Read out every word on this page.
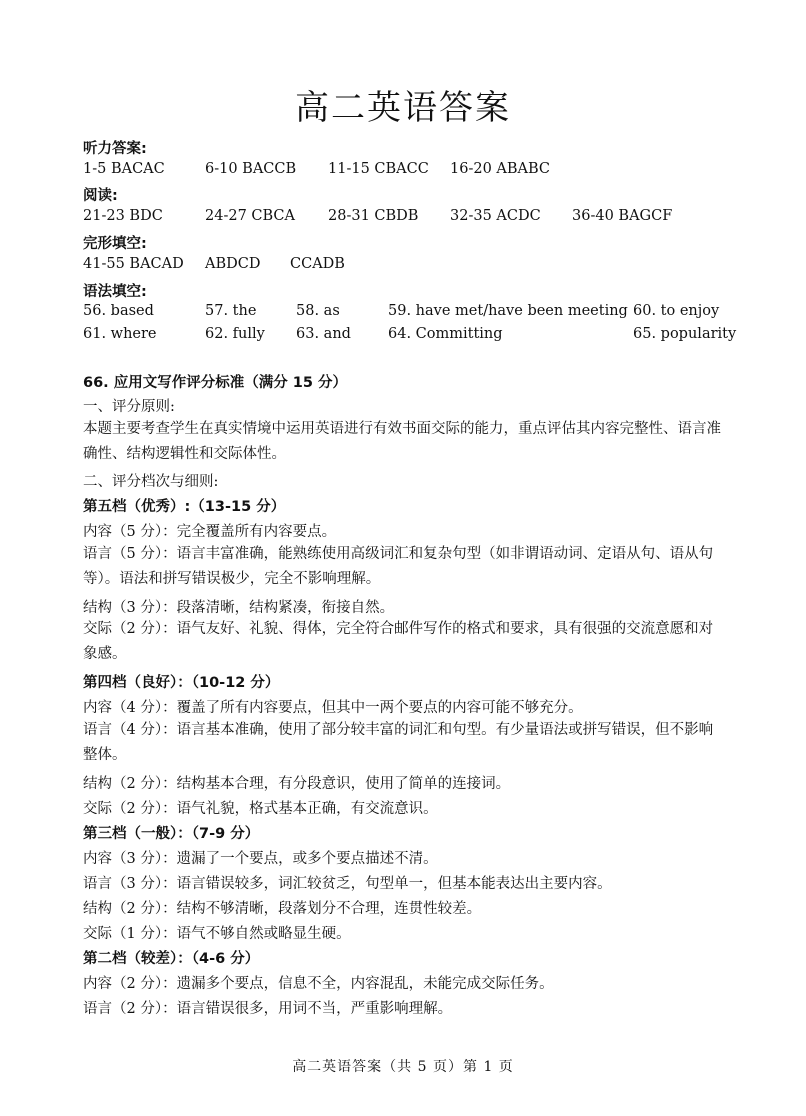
高二英语答案
听力答案:
1-5 BACAC	6-10 BACCB 11-15 CBACC 16-20 ABABC
阅读:
21-23 BDC	24-27 CBCA 28-31 CBDB 32-35 ACDC 36-40 BAGCF
完形填空:
41-55 BACAD ABDCD CCADB
语法填空:
56. based	57. the	58. as	59. have met/have been meeting 60. to enjoy
61. where	62. fully 63. and	64. Committing	65. popularity
66. 应用文写作评分标准（满分 15 分）
一、评分原则:
本题主要考查学生在真实情境中运用英语进行有效书面交际的能力，重点评估其内容完整性、语言准确性、结构逻辑性和交际体性。
二、评分档次与细则:
第五档（优秀）:（13-15 分）
内容（5 分）：完全覆盖所有内容要点。
语言（5 分）：语言丰富准确，能熟练使用高级词汇和复杂句型（如非谓语动词、定语从句、语从句等）。语法和拼写错误极少，完全不影响理解。
结构（3 分）：段落清晰，结构紧凑，衔接自然。
交际（2 分）：语气友好、礼貌、得体，完全符合邮件写作的格式和要求，具有很强的交流意愿和对象感。
第四档（良好）：（10-12 分）
内容（4 分）：覆盖了所有内容要点，但其中一两个要点的内容可能不够充分。
语言（4 分）：语言基本准确，使用了部分较丰富的词汇和句型。有少量语法或拼写错误，但不影响整体。
结构（2 分）：结构基本合理，有分段意识，使用了简单的连接词。
交际（2 分）：语气礼貌，格式基本正确，有交流意识。
第三档（一般）：（7-9 分）
内容（3 分）：遗漏了一个要点，或多个要点描述不清。
语言（3 分）：语言错误较多，词汇较贫乏，句型单一，但基本能表达出主要内容。
结构（2 分）：结构不够清晰，段落划分不合理，连贯性较差。
交际（1 分）：语气不够自然或略显生硬。
第二档（较差）：（4-6 分）
内容（2 分）：遗漏多个要点，信息不全，内容混乱，未能完成交际任务。
语言（2 分）：语言错误很多，用词不当，严重影响理解。
高二英语答案（共 5 页）第 1 页
